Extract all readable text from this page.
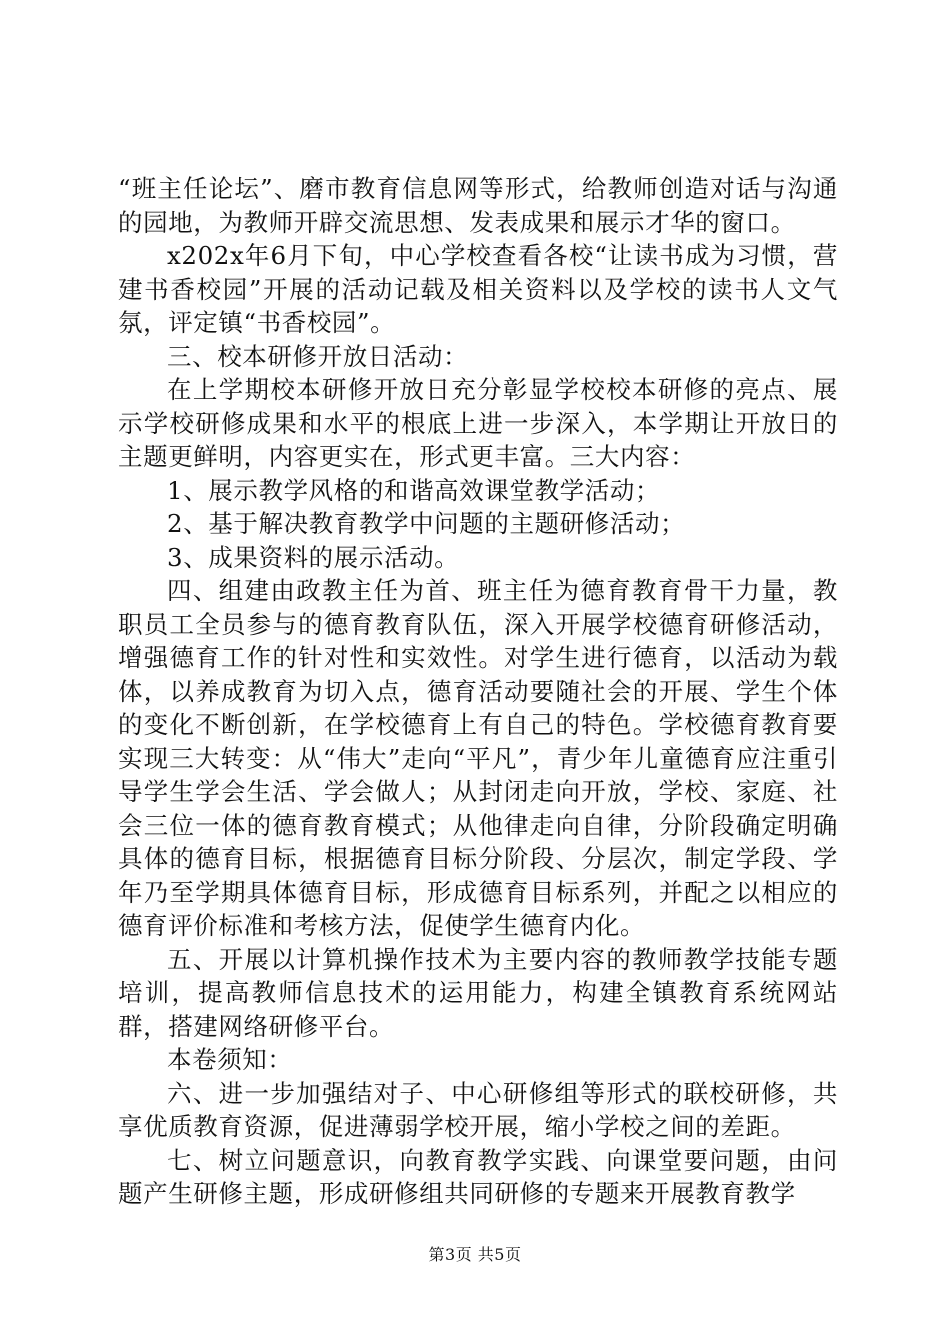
“班主任论坛”、磨市教育信息网等形式，给教师创造对话与沟通的园地，为教师开辟交流思想、发表成果和展示才华的窗口。

x202x年6月下旬，中心学校查看各校“让读书成为习惯，营建书香校园”开展的活动记载及相关资料以及学校的读书人文气氛，评定镇“书香校园”。

三、校本研修开放日活动：

在上学期校本研修开放日充分彰显学校校本研修的亮点、展示学校研修成果和水平的根底上进一步深入，本学期让开放日的主题更鲜明，内容更实在，形式更丰富。三大内容：

1、展示教学风格的和谐高效课堂教学活动；

2、基于解决教育教学中问题的主题研修活动；

3、成果资料的展示活动。

四、组建由政教主任为首、班主任为德育教育骨干力量，教职员工全员参与的德育教育队伍，深入开展学校德育研修活动，增强德育工作的针对性和实效性。对学生进行德育，以活动为载体，以养成教育为切入点，德育活动要随社会的开展、学生个体的变化不断创新，在学校德育上有自己的特色。学校德育教育要实现三大转变：从“伟大”走向“平凡”，青少年儿童德育应注重引导学生学会生活、学会做人；从封闭走向开放，学校、家庭、社会三位一体的德育教育模式；从他律走向自律，分阶段确定明确具体的德育目标，根据德育目标分阶段、分层次，制定学段、学年乃至学期具体德育目标，形成德育目标系列，并配之以相应的德育评价标准和考核方法，促使学生德育内化。

五、开展以计算机操作技术为主要内容的教师教学技能专题培训，提高教师信息技术的运用能力，构建全镇教育系统网站群，搭建网络研修平台。

本卷须知：

六、进一步加强结对子、中心研修组等形式的联校研修，共享优质教育资源，促进薄弱学校开展，缩小学校之间的差距。

七、树立问题意识，向教育教学实践、向课堂要问题，由问题产生研修主题，形成研修组共同研修的专题来开展教育教学

第3页 共5页
